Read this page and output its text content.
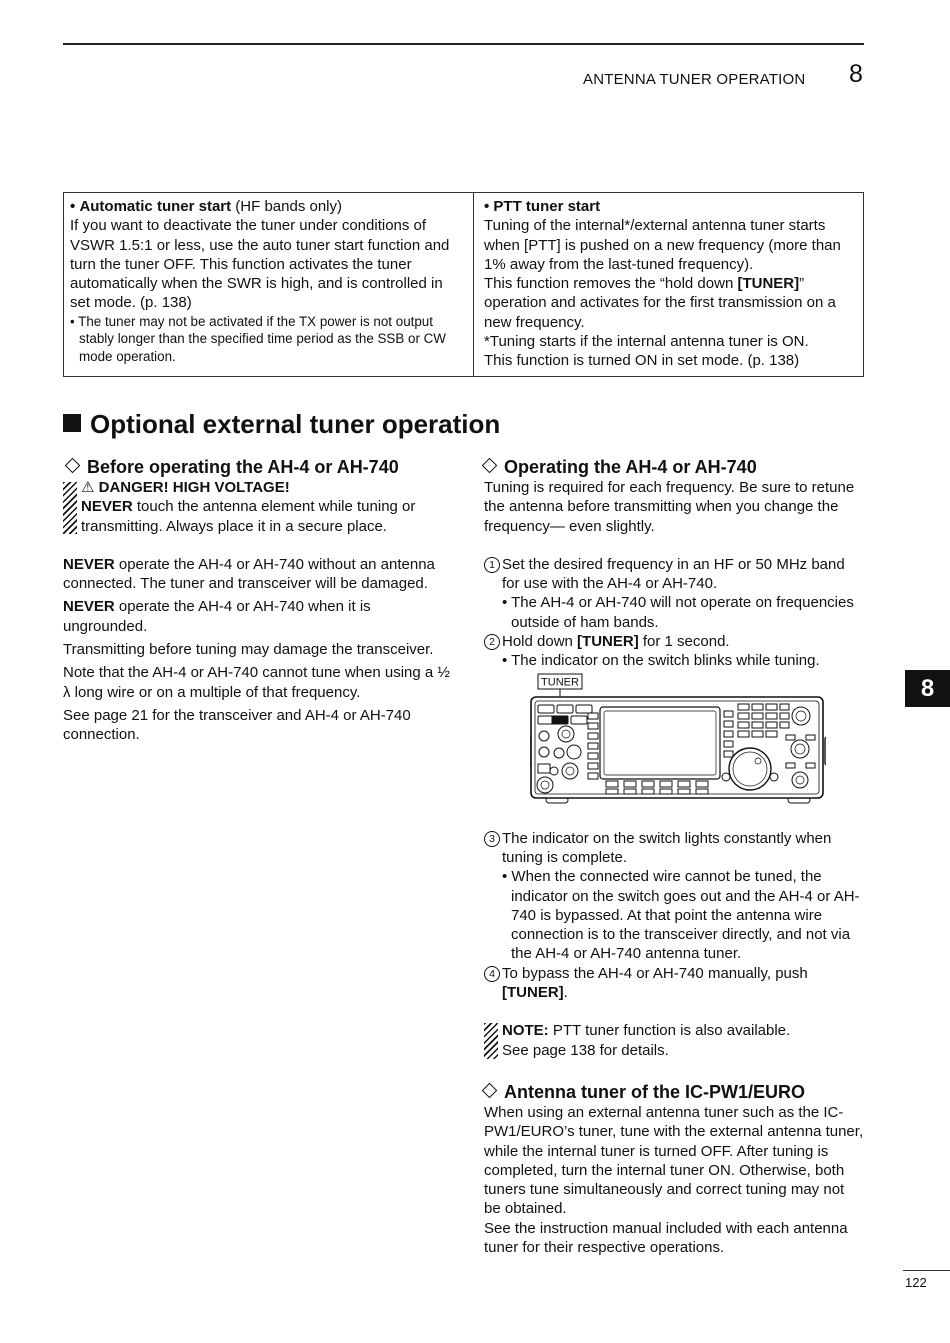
ANTENNA TUNER OPERATION 8

• Automatic tuner start (HF bands only)

If you want to deactivate the tuner under conditions of VSWR 1.5:1 or less, use the auto tuner start function and turn the tuner OFF. This function activates the tuner automatically when the SWR is high, and is controlled in set mode. (p. 138)

• The tuner may not be activated if the TX power is not output stably longer than the specified time period as the SSB or CW mode operation.

• PTT tuner start

Tuning of the internal*/external antenna tuner starts when [PTT] is pushed on a new frequency (more than 1% away from the last-tuned frequency).

This function removes the “hold down [TUNER]” operation and activates for the first transmission on a new frequency.

*Tuning starts if the internal antenna tuner is ON.

This function is turned ON in set mode. (p. 138)

Optional external tuner operation
Before operating the AH-4 or AH-740

⚠ DANGER! HIGH VOLTAGE!

NEVER touch the antenna element while tuning or transmitting. Always place it in a secure place.

NEVER operate the AH-4 or AH-740 without an antenna connected. The tuner and transceiver will be damaged.

NEVER operate the AH-4 or AH-740 when it is ungrounded.

Transmitting before tuning may damage the transceiver.

Note that the AH-4 or AH-740 cannot tune when using a ½ λ long wire or on a multiple of that frequency.

See page 21 for the transceiver and AH-4 or AH-740 connection.

Operating the AH-4 or AH-740

Tuning is required for each frequency. Be sure to retune the antenna before transmitting when you change the frequency— even slightly.

1 Set the desired frequency in an HF or 50 MHz band for use with the AH-4 or AH-740.

• The AH-4 or AH-740 will not operate on frequencies outside of ham bands.

2 Hold down [TUNER] for 1 second.

• The indicator on the switch blinks while tuning.

3 The indicator on the switch lights constantly when tuning is complete.

• When the connected wire cannot be tuned, the indicator on the switch goes out and the AH-4 or AH-740 is bypassed. At that point the antenna wire connection is to the transceiver directly, and not via the AH-4 or AH-740 antenna tuner.

4 To bypass the AH-4 or AH-740 manually, push [TUNER].

NOTE: PTT tuner function is also available.

See page 138 for details.

Antenna tuner of the IC-PW1/EURO

When using an external antenna tuner such as the IC-PW1/EURO’s tuner, tune with the external antenna tuner, while the internal tuner is turned OFF. After tuning is completed, turn the internal tuner ON. Otherwise, both tuners tune simultaneously and correct tuning may not be obtained.

See the instruction manual included with each antenna tuner for their respective operations.

TUNER	8
122
